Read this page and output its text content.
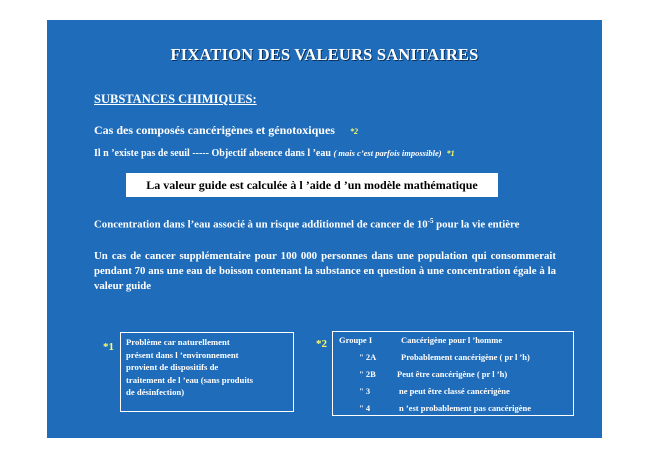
FIXATION DES VALEURS SANITAIRES
SUBSTANCES CHIMIQUES:
Cas des composés cancérigènes et génotoxiques *2
Il n ’existe pas de seuil ----- Objectif absence dans l ’eau ( mais c’est parfois impossible) *1
La valeur guide est calculée à l ’aide d ’un modèle mathématique
Concentration dans l’eau associé à un risque additionnel de cancer de $10^{-5}$ pour la vie entière
Un cas de cancer supplémentaire pour 100 000 personnes dans une population qui consommerait pendant 70 ans une eau de boisson contenant la substance en question à une concentration égale à la valeur guide
*1 Problème car naturellement
présent dans l ’environnement
provient de dispositifs de
traitement de l ’eau (sans produits
de désinfection)
*2 Groupe I	Cancérigène pour l ’homme
" 2A	Probablement cancérigène ( pr l ’h)
" 2B Peut être cancérigène ( pr l ’h)
" 3	ne peut être classé cancérigène
" 4	n ’est probablement pas cancérigène
